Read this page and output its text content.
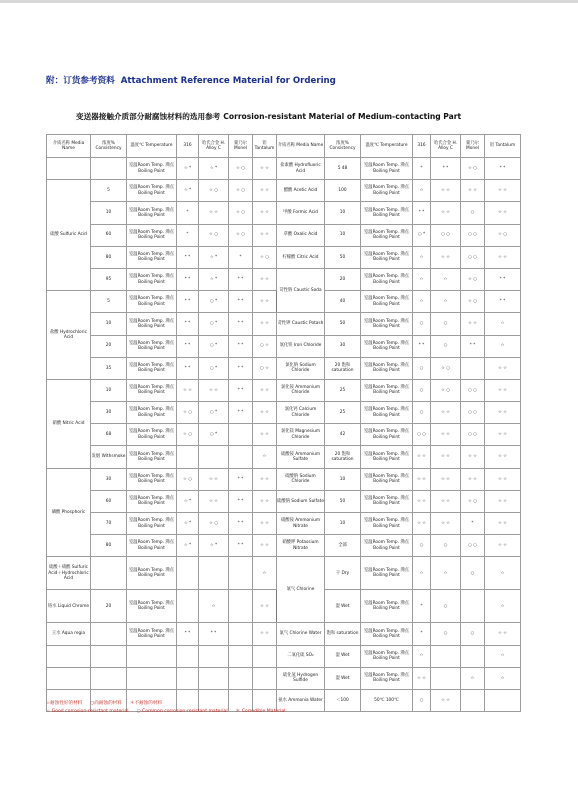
附：订货参考资料 Attachment Reference Material for Ordering
变送器接触介质部分耐腐蚀材料的选用参考 Corrosion-resistant Material of Medium-contacting Part
介质名称 Media Name	浓度% Consistency	温度℃ Temperature	316	哈氏合金 H. Alloy C	蒙乃尔 Monel	钽 Tantalum	介质名称 Media Name	浓度% Consistency	温度℃ Temperature	316	哈氏合金 H. Alloy C	蒙乃尔 Monel	钽 Tantalum
		室温Room Temp. 沸点Boiling Point	☆ *	☆ *	☆ ○	☆ ☆	盐素酸 Hydrofluoric Acid	5 48	室温Room Temp. 沸点Boiling Point	*	* *	☆ ○	* *
硫酸 Sulfuric Acid	5	室温Room Temp. 沸点Boiling Point	☆ *	☆ ○	☆ ○	☆ ☆	醋酸 Acetic Acid	100	室温Room Temp. 沸点Boiling Point	☆	☆ ☆	☆ ☆	☆ ☆
	10	室温Room Temp. 沸点Boiling Point	*	☆ ☆	☆ ○	☆ ☆	甲酸 Formic Acid	10	室温Room Temp. 沸点Boiling Point	* *	☆ ☆	○	☆ ☆
	60	室温Room Temp. 沸点Boiling Point	*	☆ ○	☆ ○	☆ ☆	草酸 Oxalic Acid	10	室温Room Temp. 沸点Boiling Point	○ *	○ ○	○ ○	☆ ○
	80	室温Room Temp. 沸点Boiling Point	* *	☆ *	*	☆ ○	柠檬酸 Citric Acid	50	室温Room Temp. 沸点Boiling Point	☆	☆ ☆	○ ○	☆ ☆
	95	室温Room Temp. 沸点Boiling Point	* *	☆ *	* *	☆ ☆	苛性钠 Caustic Soda	20	室温Room Temp. 沸点Boiling Point	☆	☆	☆ ○	* *
盐酸 Hydrochloric Acid	5	室温Room Temp. 沸点Boiling Point	* *	○ *	* *	☆ ☆		40	室温Room Temp. 沸点Boiling Point	☆	☆	☆ ○	* *
	10	室温Room Temp. 沸点Boiling Point	* *	○ *	* *	☆ ☆	苛性钾 Caustic Potash	50	室温Room Temp. 沸点Boiling Point	○	○	☆ ☆	☆
	20	室温Room Temp. 沸点Boiling Point	* *	○ *	* *	○ ☆	氯化铁 Iron Chloride	30	室温Room Temp. 沸点Boiling Point	* *	○	* *	☆
	35	室温Room Temp. 沸点Boiling Point	* *	○ *	* *	○ ☆	氯化钠 Sodium Chloride	20 饱和saturation	室温Room Temp. 沸点Boiling Point	○	☆ ○		☆ ☆
硝酸 Nitric Acid	10	室温Room Temp. 沸点Boiling Point	☆ ☆	☆ ☆	* *	☆ ☆	氯化铵 Ammonium Chloride	25	室温Room Temp. 沸点Boiling Point	○	☆ ○	○ ○	☆ ☆
	30	室温Room Temp. 沸点Boiling Point	☆ ○	○ *	* *	☆ ☆	氯化钙 Calcium Chloride	25	室温Room Temp. 沸点Boiling Point	○	☆ ☆	○ ○	☆ ☆
	68	室温Room Temp. 沸点Boiling Point	☆ ○	○ *		☆ ☆	氯化镁 Magnesium Chloride	42	室温Room Temp. 沸点Boiling Point	○ ○	☆ ☆	○ ○	☆ ☆
	发烟 Withsmoke	室温Room Temp. 沸点Boiling Point				☆	硫酸铵 Ammonium Sulfate	20 饱和saturation	室温Room Temp. 沸点Boiling Point	☆ ☆	☆ ☆	☆ ☆	☆ ☆
磷酸 Phosphoric	30	室温Room Temp. 沸点Boiling Point	☆ ○	☆ ☆	* *	☆ ☆	硫酸钠 Sodium Chloride	10	室温Room Temp. 沸点Boiling Point	☆ ☆	☆ ☆	☆ ☆	☆ ☆
	60	室温Room Temp. 沸点Boiling Point	☆ *	☆ ☆	* *	☆ ☆	硫酸钠 Sodium Sulfate	50	室温Room Temp. 沸点Boiling Point	☆ ☆	☆ ☆	☆ ○	☆ ☆
	70	室温Room Temp. 沸点Boiling Point	☆ *	☆ ○	* *	☆ ☆	硝酸铵 Ammonium Nitrate	10	室温Room Temp. 沸点Boiling Point	☆ ☆	☆ ☆	*	☆ ☆
	80	室温Room Temp. 沸点Boiling Point	☆ *	☆ *	* *	☆ ☆	硝酸钾 Potassium Nitrate	全部	室温Room Temp. 沸点Boiling Point	○	○	○ ○	☆ ☆
硫酸＋硝酸 Sulfuric Acid＋Hydrochloric Acid		室温Room Temp. 沸点Boiling Point				☆	氯气 Chlorine	干 Dry	室温Room Temp. 沸点Boiling Point	☆	☆	○	☆
铬水 Liquid Chrome	20	室温Room Temp. 沸点Boiling Point		☆		☆ ☆		湿 Wet	室温Room Temp. 沸点Boiling Point	*	○		☆
王水 Aqua regia		室温Room Temp. 沸点Boiling Point	* *	* *		☆ ☆	氯气 Chlorine Water	饱和 saturation	室温Room Temp. 沸点Boiling Point	*	○	○	☆ ☆
							二氧化硫 SO₂	湿 Wet	室温Room Temp. 沸点Boiling Point	☆			☆
							硫化氢 Hydrogen Sulfide	湿 Wet	室温Room Temp. 沸点Boiling Point	☆ ☆		☆	☆
							氨水 Ammonia Water	＜100	50℃ 100℃	○	☆ ☆		
☆耐蚀性好的材料 ○尚耐蚀的材料 ＊不耐蚀的材料
☆ Good corrosion-resistant material ○ Common corrosion-resistant material ＊ Corrodible Material
